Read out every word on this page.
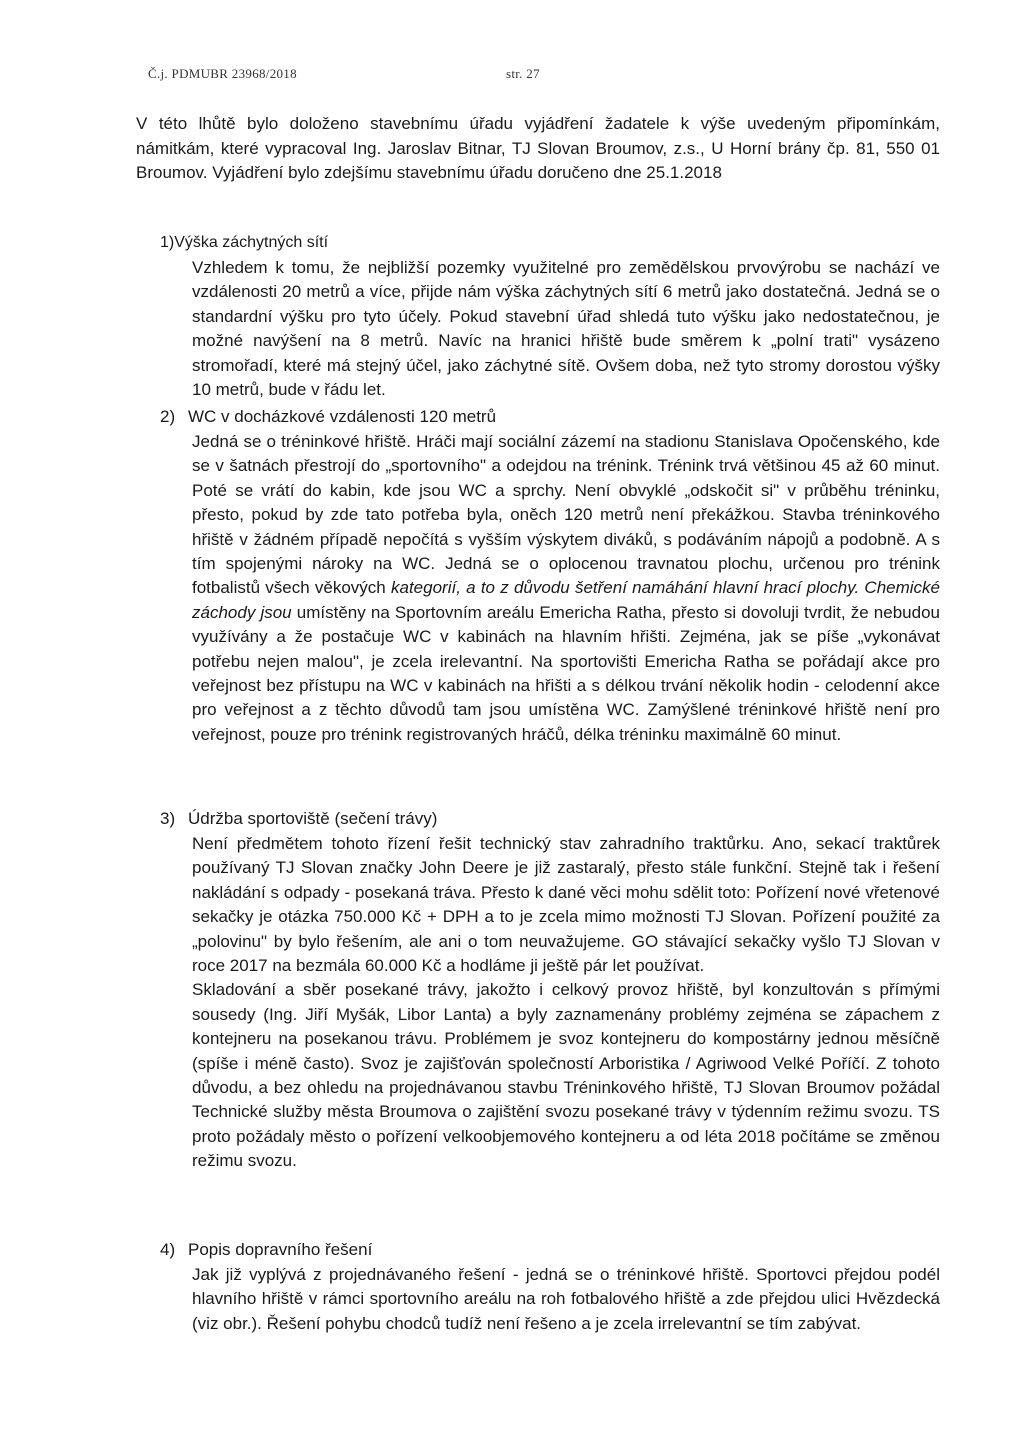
Č.j. PDMUBR 23968/2018	str. 27

V této lhůtě bylo doloženo stavebnímu úřadu vyjádření žadatele k výše uvedeným připomínkám, námitkám, které vypracoval Ing. Jaroslav Bitnar, TJ Slovan Broumov, z.s., U Horní brány čp. 81, 550 01 Broumov. Vyjádření bylo zdejšímu stavebnímu úřadu doručeno dne 25.1.2018

1)Výška záchytných sítí

Vzhledem k tomu, že nejbližší pozemky využitelné pro zemědělskou prvovýrobu se nachází ve vzdálenosti 20 metrů a více, přijde nám výška záchytných sítí 6 metrů jako dostatečná. Jedná se o standardní výšku pro tyto účely. Pokud stavební úřad shledá tuto výšku jako nedostatečnou, je možné navýšení na 8 metrů. Navíc na hranici hřiště bude směrem k „polní trati" vysázeno stromořadí, které má stejný účel, jako záchytné sítě. Ovšem doba, než tyto stromy dorostou výšky 10 metrů, bude v řádu let.

2) WC v docházkové vzdálenosti 120 metrů

Jedná se o tréninkové hřiště. Hráči mají sociální zázemí na stadionu Stanislava Opočenského, kde se v šatnách přestrojí do „sportovního" a odejdou na trénink. Trénink trvá většinou 45 až 60 minut. Poté se vrátí do kabin, kde jsou WC a sprchy. Není obvyklé „odskočit si" v průběhu tréninku, přesto, pokud by zde tato potřeba byla, oněch 120 metrů není překážkou. Stavba tréninkového hřiště v žádném případě nepočítá s vyšším výskytem diváků, s podáváním nápojů a podobně. A s tím spojenými nároky na WC. Jedná se o oplocenou travnatou plochu, určenou pro trénink fotbalistů všech věkových kategorií, a to z důvodu šetření namáhání hlavní hrací plochy. Chemické záchody jsou umístěny na Sportovním areálu Emericha Ratha, přesto si dovoluji tvrdit, že nebudou využívány a že postačuje WC v kabinách na hlavním hřišti. Zejména, jak se píše „vykonávat potřebu nejen malou", je zcela irelevantní. Na sportovišti Emericha Ratha se pořádají akce pro veřejnost bez přístupu na WC v kabinách na hřišti a s délkou trvání několik hodin - celodenní akce pro veřejnost a z těchto důvodů tam jsou umístěna WC. Zamýšlené tréninkové hřiště není pro veřejnost, pouze pro trénink registrovaných hráčů, délka tréninku maximálně 60 minut.

3) Údržba sportoviště (sečení trávy)

Není předmětem tohoto řízení řešit technický stav zahradního traktůrku. Ano, sekací traktůrek používaný TJ Slovan značky John Deere je již zastaralý, přesto stále funkční. Stejně tak i řešení nakládání s odpady - posekaná tráva. Přesto k dané věci mohu sdělit toto: Pořízení nové vřetenové sekačky je otázka 750.000 Kč + DPH a to je zcela mimo možnosti TJ Slovan. Pořízení použité za „polovinu" by bylo řešením, ale ani o tom neuvažujeme. GO stávající sekačky vyšlo TJ Slovan v roce 2017 na bezmála 60.000 Kč a hodláme ji ještě pár let používat.

Skladování a sběr posekané trávy, jakožto i celkový provoz hřiště, byl konzultován s přímými sousedy (Ing. Jiří Myšák, Libor Lanta) a byly zaznamenány problémy zejména se zápachem z kontejneru na posekanou trávu. Problémem je svoz kontejneru do kompostárny jednou měsíčně (spíše i méně často). Svoz je zajišťován společností Arboristika / Agriwood Velké Poříčí. Z tohoto důvodu, a bez ohledu na projednávanou stavbu Tréninkového hřiště, TJ Slovan Broumov požádal Technické služby města Broumova o zajištění svozu posekané trávy v týdenním režimu svozu. TS proto požádaly město o pořízení velkoobjemového kontejneru a od léta 2018 počítáme se změnou režimu svozu.

4) Popis dopravního řešení

Jak již vyplývá z projednávaného řešení - jedná se o tréninkové hřiště. Sportovci přejdou podél hlavního hřiště v rámci sportovního areálu na roh fotbalového hřiště a zde přejdou ulici Hvězdecká (viz obr.). Řešení pohybu chodců tudíž není řešeno a je zcela irrelevantní se tím zabývat.
